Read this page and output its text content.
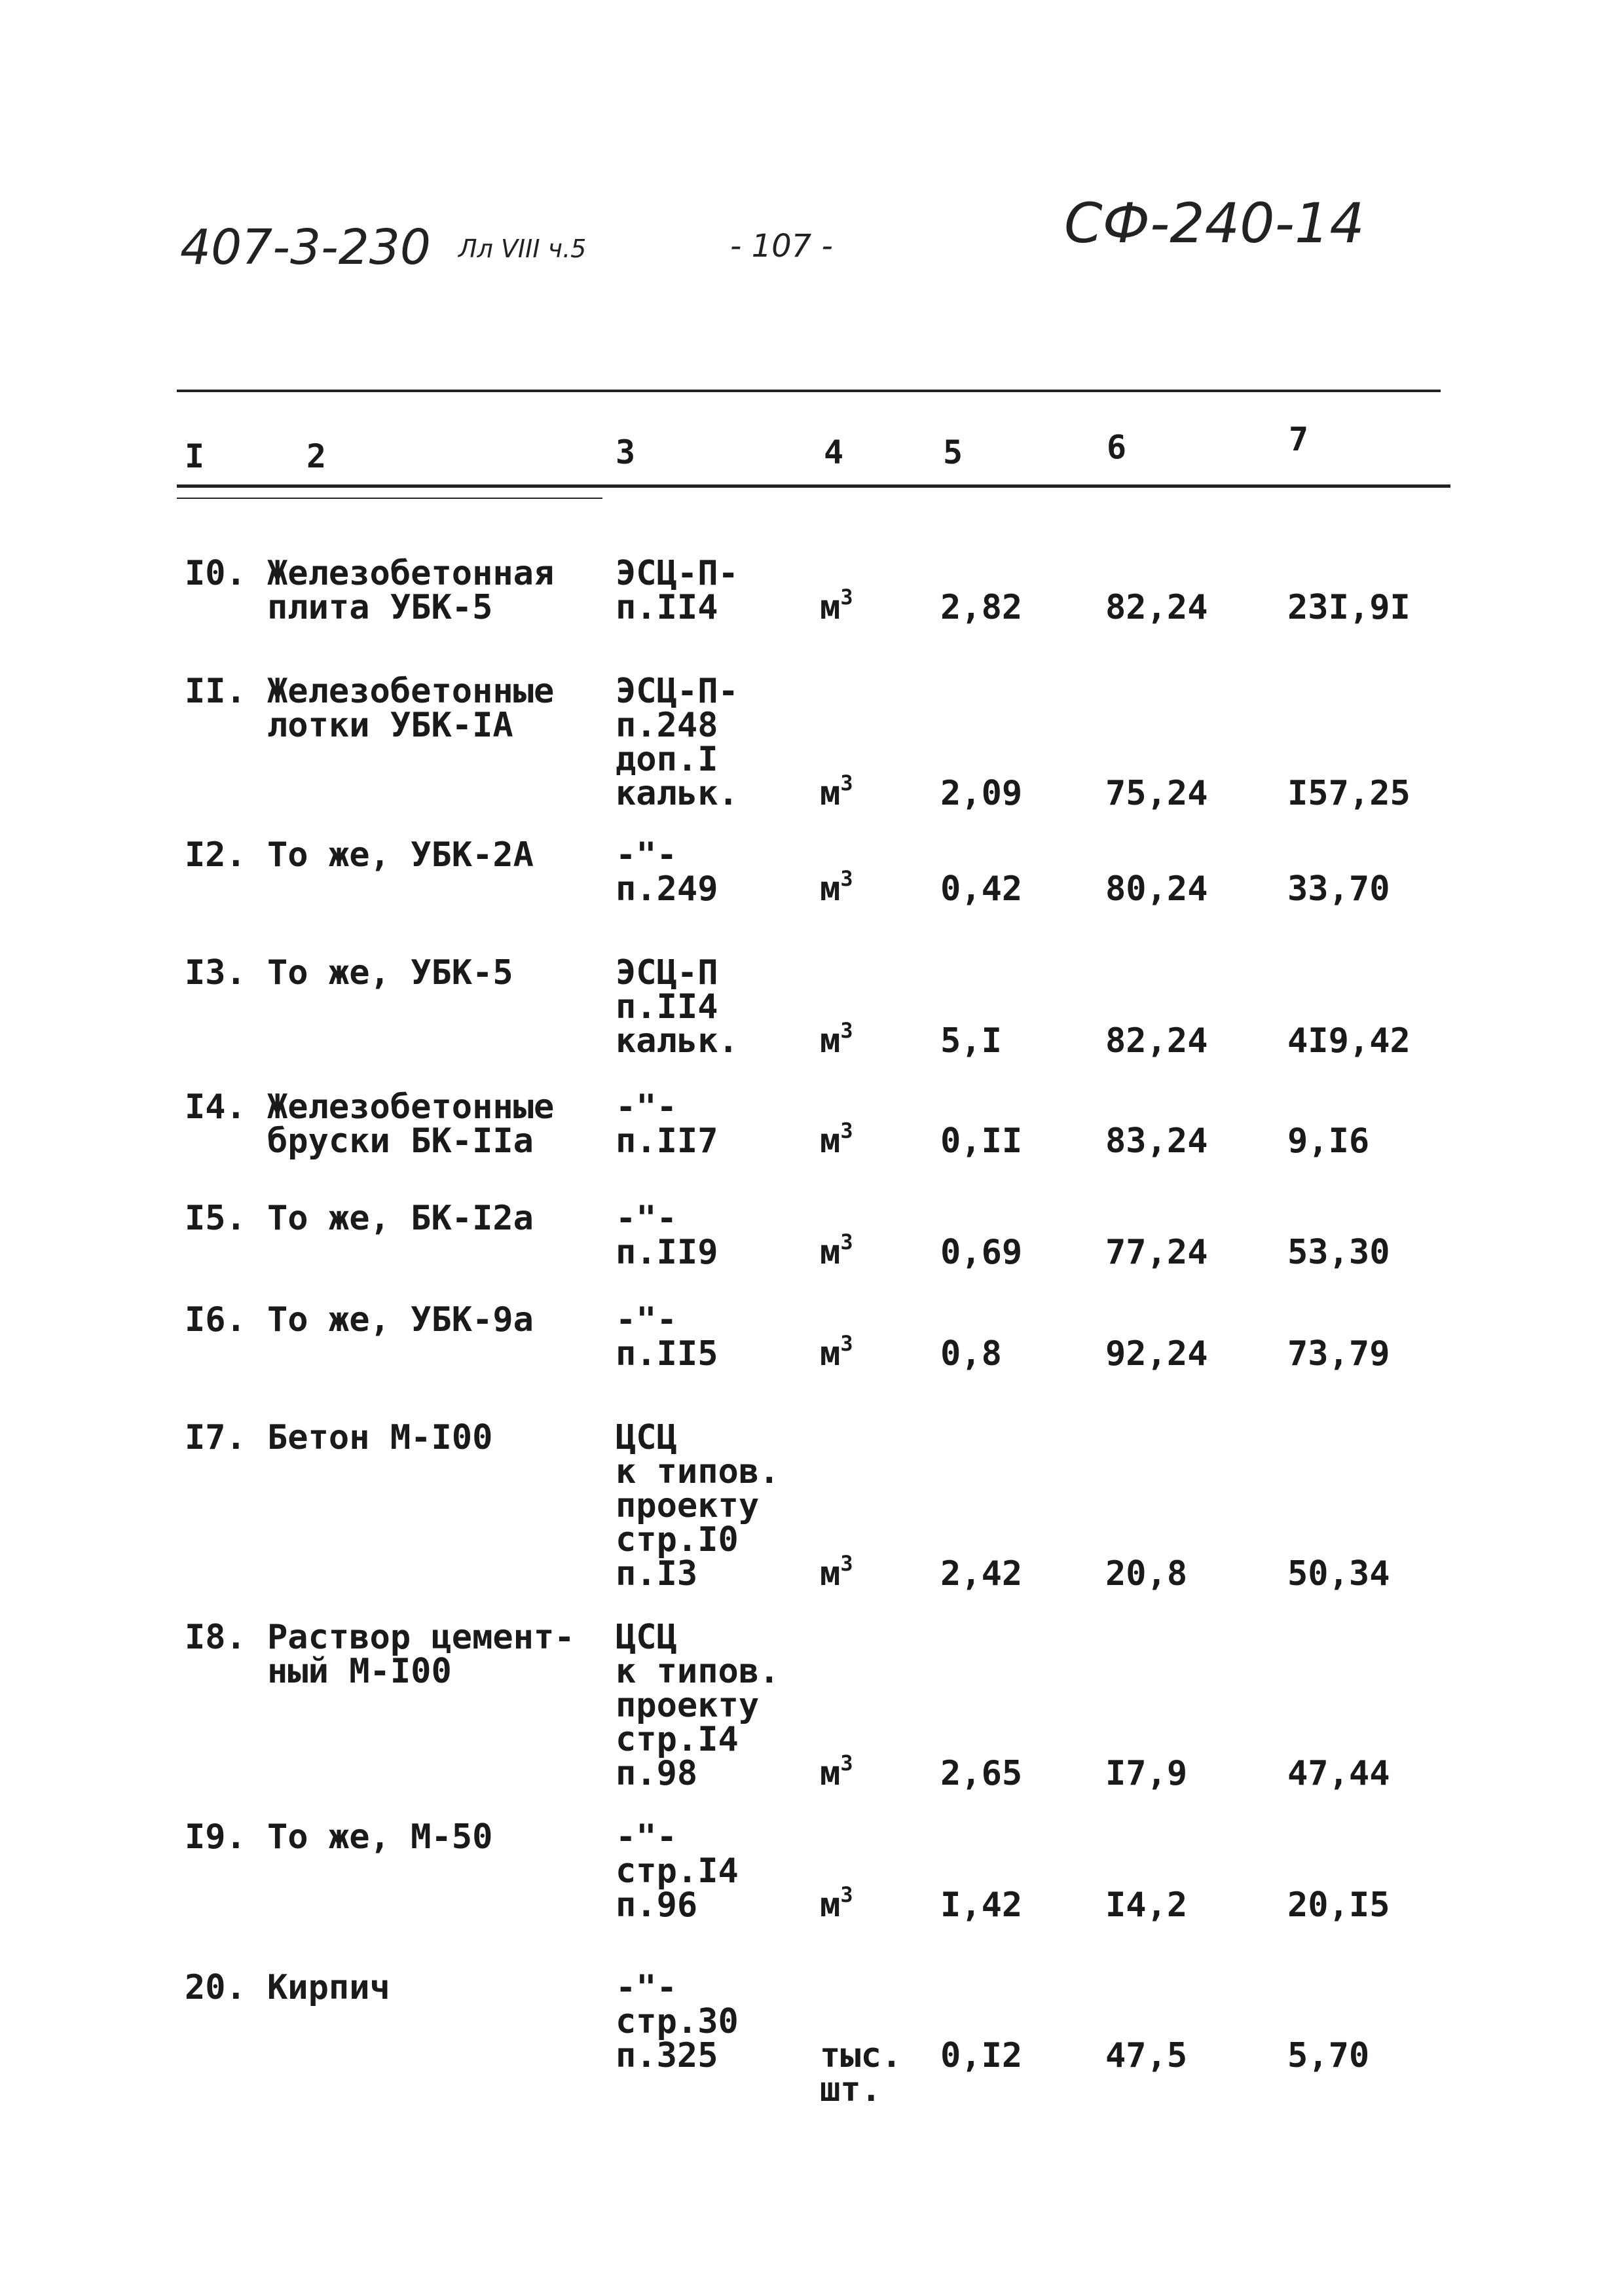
407-3-230 Лл VIII ч.5	- 107 -	СФ-240-14
I	2	3	4	5	6	7
I0. Железобетонная
плита УБК-5
ЭСЦ-П-
п.II4	$м^3$	2,82 82,24 23I,9I
II. Железобетонные
лотки УБК-IA
ЭСЦ-П-
п.248
доп.I
кальк. $м^3$	2,09 75,24 I57,25
I2. То же, УБК-2А -"-
п.249	$м^3$	0,42 80,24 33,70
I3. То же, УБК-5	ЭСЦ-П
п.II4
кальк. $м^3$	5,I	82,24 4I9,42
I4. Железобетонные
бруски БК-IIа
-"-
п.II7	$м^3$	0,II 83,24 9,I6
I5. То же, БК-I2а -"-
п.II9	$м^3$	0,69 77,24 53,30
I6. То же, УБК-9а -"-
п.II5	$м^3$	0,8	92,24 73,79
I7. Бетон М-I00	ЦСЦ
к типов.
проекту
стр.I0
п.I3	$м^3$	2,42 20,8	50,34
I8. Раствор цемент-
ный М-I00
ЦСЦ
к типов.
проекту
стр.I4
п.98	$м^3$	2,65 I7,9	47,44
I9. То же, М-50	-"-
стр.I4
п.96	$м^3$	I,42 I4,2	20,I5
20. Кирпич	-"-
стр.30
п.325	тыс.
шт.
0,I2 47,5	5,70
